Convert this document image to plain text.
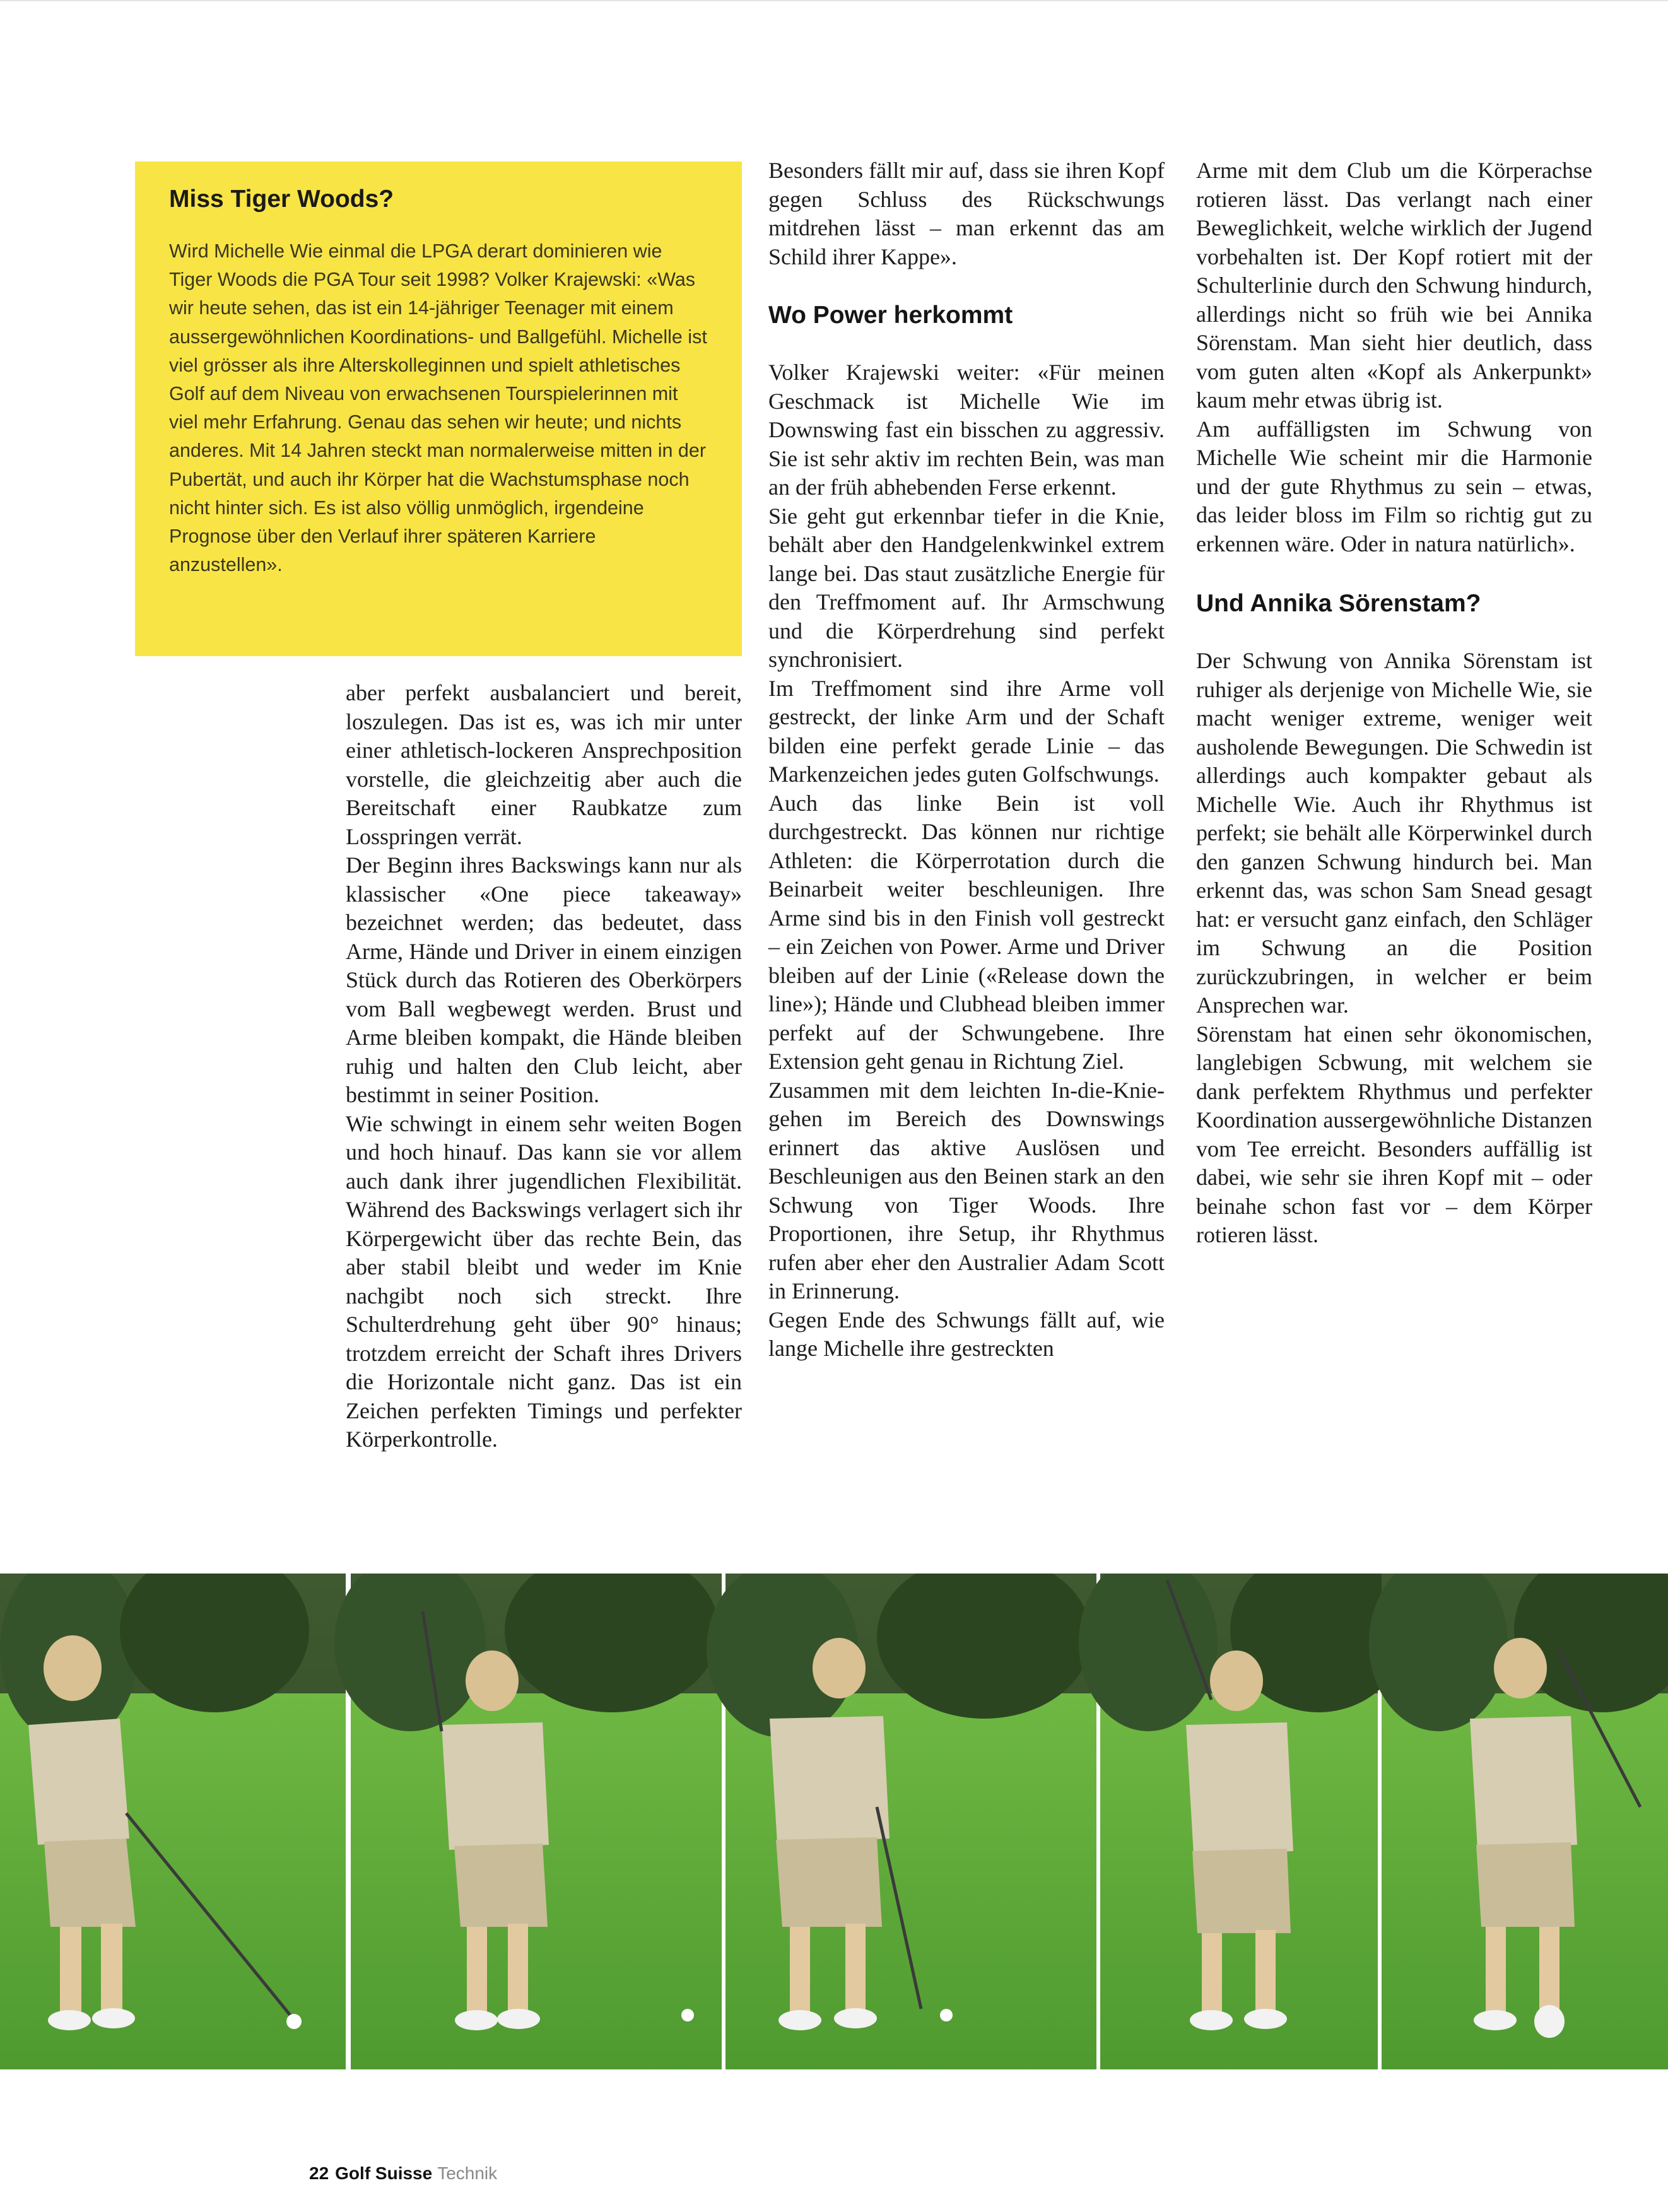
Miss Tiger Woods?

Wird Michelle Wie einmal die LPGA derart dominieren wie Tiger Woods die PGA Tour seit 1998? Volker Krajewski: «Was wir heute sehen, das ist ein 14-jähriger Teenager mit einem aussergewöhnlichen Koordinations- und Ballgefühl. Michelle ist viel grösser als ihre Alterskolleginnen und spielt athletisches Golf auf dem Niveau von erwachsenen Tourspielerinnen mit viel mehr Erfahrung. Genau das sehen wir heute; und nichts anderes. Mit 14 Jahren steckt man normalerweise mitten in der Pubertät, und auch ihr Körper hat die Wachstumsphase noch nicht hinter sich. Es ist also völlig unmöglich, irgendeine Prognose über den Verlauf ihrer späteren Karriere anzustellen».

aber perfekt ausbalanciert und bereit, loszulegen. Das ist es, was ich mir unter einer athletisch-lockeren Ansprechposition vorstelle, die gleichzeitig aber auch die Bereitschaft einer Raubkatze zum Losspringen verrät.

Der Beginn ihres Backswings kann nur als klassischer «One piece takeaway» bezeichnet werden; das bedeutet, dass Arme, Hände und Driver in einem einzigen Stück durch das Rotieren des Oberkörpers vom Ball wegbewegt werden. Brust und Arme bleiben kompakt, die Hände bleiben ruhig und halten den Club leicht, aber bestimmt in seiner Position.

Wie schwingt in einem sehr weiten Bogen und hoch hinauf. Das kann sie vor allem auch dank ihrer jugendlichen Flexibilität. Während des Backswings verlagert sich ihr Körpergewicht über das rechte Bein, das aber stabil bleibt und weder im Knie nachgibt noch sich streckt. Ihre Schulterdrehung geht über 90° hinaus; trotzdem erreicht der Schaft ihres Drivers die Horizontale nicht ganz. Das ist ein Zeichen perfekten Timings und perfekter Körperkontrolle.

Besonders fällt mir auf, dass sie ihren Kopf gegen Schluss des Rückschwungs mitdrehen lässt – man erkennt das am Schild ihrer Kappe».

Wo Power herkommt

Volker Krajewski weiter: «Für meinen Geschmack ist Michelle Wie im Downswing fast ein bisschen zu aggressiv. Sie ist sehr aktiv im rechten Bein, was man an der früh abhebenden Ferse erkennt.

Sie geht gut erkennbar tiefer in die Knie, behält aber den Handgelenkwinkel extrem lange bei. Das staut zusätzliche Energie für den Treffmoment auf. Ihr Armschwung und die Körperdrehung sind perfekt synchronisiert.

Im Treffmoment sind ihre Arme voll gestreckt, der linke Arm und der Schaft bilden eine perfekt gerade Linie – das Markenzeichen jedes guten Golfschwungs.

Auch das linke Bein ist voll durchgestreckt. Das können nur richtige Athleten: die Körperrotation durch die Beinarbeit weiter beschleunigen. Ihre Arme sind bis in den Finish voll gestreckt – ein Zeichen von Power. Arme und Driver bleiben auf der Linie («Release down the line»); Hände und Clubhead bleiben immer perfekt auf der Schwungebene. Ihre Extension geht genau in Richtung Ziel.

Zusammen mit dem leichten In-die-Knie-gehen im Bereich des Downswings erinnert das aktive Auslösen und Beschleunigen aus den Beinen stark an den Schwung von Tiger Woods. Ihre Proportionen, ihre Setup, ihr Rhythmus rufen aber eher den Australier Adam Scott in Erinnerung.

Gegen Ende des Schwungs fällt auf, wie lange Michelle ihre gestreckten

Arme mit dem Club um die Körperachse rotieren lässt. Das verlangt nach einer Beweglichkeit, welche wirklich der Jugend vorbehalten ist. Der Kopf rotiert mit der Schulterlinie durch den Schwung hindurch, allerdings nicht so früh wie bei Annika Sörenstam. Man sieht hier deutlich, dass vom guten alten «Kopf als Ankerpunkt» kaum mehr etwas übrig ist.

Am auffälligsten im Schwung von Michelle Wie scheint mir die Harmonie und der gute Rhythmus zu sein – etwas, das leider bloss im Film so richtig gut zu erkennen wäre. Oder in natura natürlich».

Und Annika Sörenstam?

Der Schwung von Annika Sörenstam ist ruhiger als derjenige von Michelle Wie, sie macht weniger extreme, weniger weit ausholende Bewegungen. Die Schwedin ist allerdings auch kompakter gebaut als Michelle Wie. Auch ihr Rhythmus ist perfekt; sie behält alle Körperwinkel durch den ganzen Schwung hindurch bei. Man erkennt das, was schon Sam Snead gesagt hat: er versucht ganz einfach, den Schläger im Schwung an die Position zurückzubringen, in welcher er beim Ansprechen war.

Sörenstam hat einen sehr ökonomischen, langlebigen Scbwung, mit welchem sie dank perfektem Rhythmus und perfekter Koordination aussergewöhnliche Distanzen vom Tee erreicht. Besonders auffällig ist dabei, wie sehr sie ihren Kopf mit – oder beinahe schon fast vor – dem Körper rotieren lässt.

22 Golf Suisse Technik
